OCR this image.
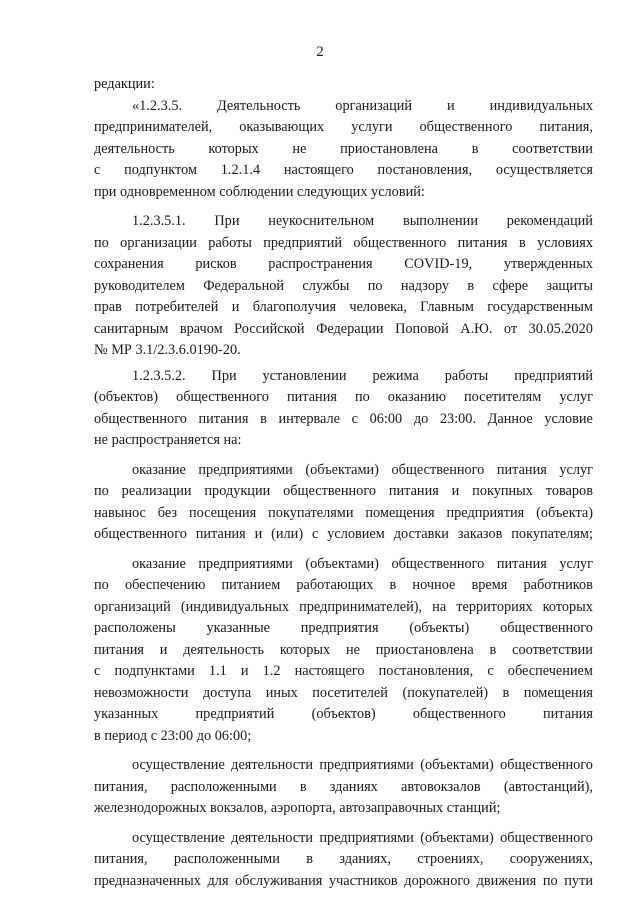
2
редакции:
«1.2.3.5. Деятельность организаций и индивидуальных
предпринимателей, оказывающих услуги общественного питания,
деятельность которых не приостановлена в соответствии
с подпунктом 1.2.1.4 настоящего постановления, осуществляется
при одновременном соблюдении следующих условий:
1.2.3.5.1. При неукоснительном выполнении рекомендаций
по организации работы предприятий общественного питания в условиях
сохранения рисков распространения COVID-19, утвержденных
руководителем Федеральной службы по надзору в сфере защиты
прав потребителей и благополучия человека, Главным государственным
санитарным врачом Российской Федерации Поповой А.Ю. от 30.05.2020
№ МР 3.1/2.3.6.0190-20.
1.2.3.5.2. При установлении режима работы предприятий
(объектов) общественного питания по оказанию посетителям услуг
общественного питания в интервале с 06:00 до 23:00. Данное условие
не распространяется на:
оказание предприятиями (объектами) общественного питания услуг
по реализации продукции общественного питания и покупных товаров
навынос без посещения покупателями помещения предприятия (объекта)
общественного питания и (или) с условием доставки заказов покупателям;
оказание предприятиями (объектами) общественного питания услуг
по обеспечению питанием работающих в ночное время работников
организаций (индивидуальных предпринимателей), на территориях которых
расположены указанные предприятия (объекты) общественного
питания и деятельность которых не приостановлена в соответствии
с подпунктами 1.1 и 1.2 настоящего постановления, с обеспечением
невозможности доступа иных посетителей (покупателей) в помещения
указанных	предприятий	(объектов)	общественного	питания
в период с 23:00 до 06:00;
осуществление деятельности предприятиями (объектами) общественного
питания, расположенными в зданиях автовокзалов (автостанций),
железнодорожных вокзалов, аэропорта, автозаправочных станций;
осуществление деятельности предприятиями (объектами) общественного
питания, расположенными в зданиях, строениях, сооружениях,
предназначенных для обслуживания участников дорожного движения по пути
